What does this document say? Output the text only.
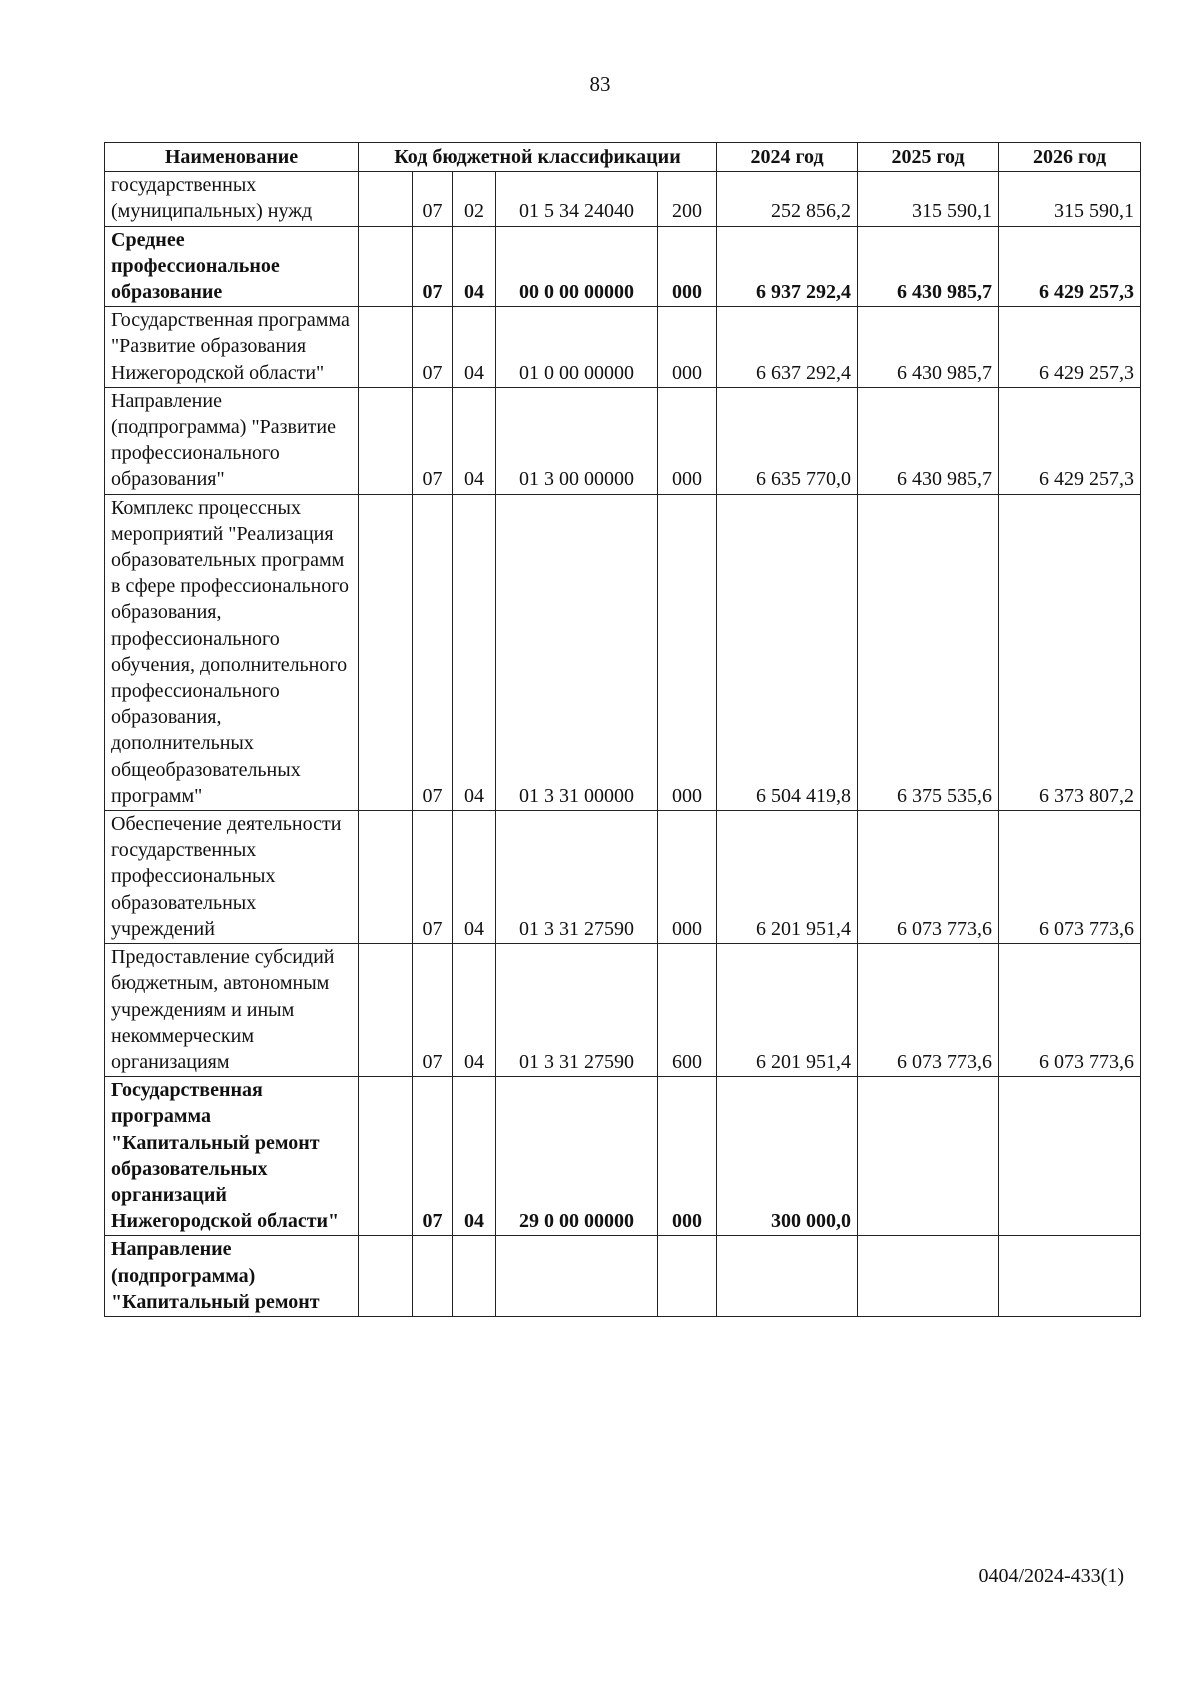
83
Наименование	Код бюджетной классификации					2024 год	2025 год	2026 год
государственных (муниципальных) нужд		07	02	01 5 34 24040	200	252 856,2	315 590,1	315 590,1
Среднее профессиональное образование		07	04	00 0 00 00000	000	6 937 292,4	6 430 985,7	6 429 257,3
Государственная программа "Развитие образования Нижегородской области"		07	04	01 0 00 00000	000	6 637 292,4	6 430 985,7	6 429 257,3
Направление (подпрограмма) "Развитие профессионального образования"		07	04	01 3 00 00000	000	6 635 770,0	6 430 985,7	6 429 257,3
Комплекс процессных мероприятий "Реализация образовательных программ в сфере профессионального образования, профессионального обучения, дополнительного профессионального образования, дополнительных общеобразовательных программ"		07	04	01 3 31 00000	000	6 504 419,8	6 375 535,6	6 373 807,2
Обеспечение деятельности государственных профессиональных образовательных учреждений		07	04	01 3 31 27590	000	6 201 951,4	6 073 773,6	6 073 773,6
Предоставление субсидий бюджетным, автономным учреждениям и иным некоммерческим организациям		07	04	01 3 31 27590	600	6 201 951,4	6 073 773,6	6 073 773,6
Государственная программа "Капитальный ремонт образовательных организаций Нижегородской области"		07	04	29 0 00 00000	000	300 000,0		
Направление (подпрограмма) "Капитальный ремонт								
0404/2024-433(1)
